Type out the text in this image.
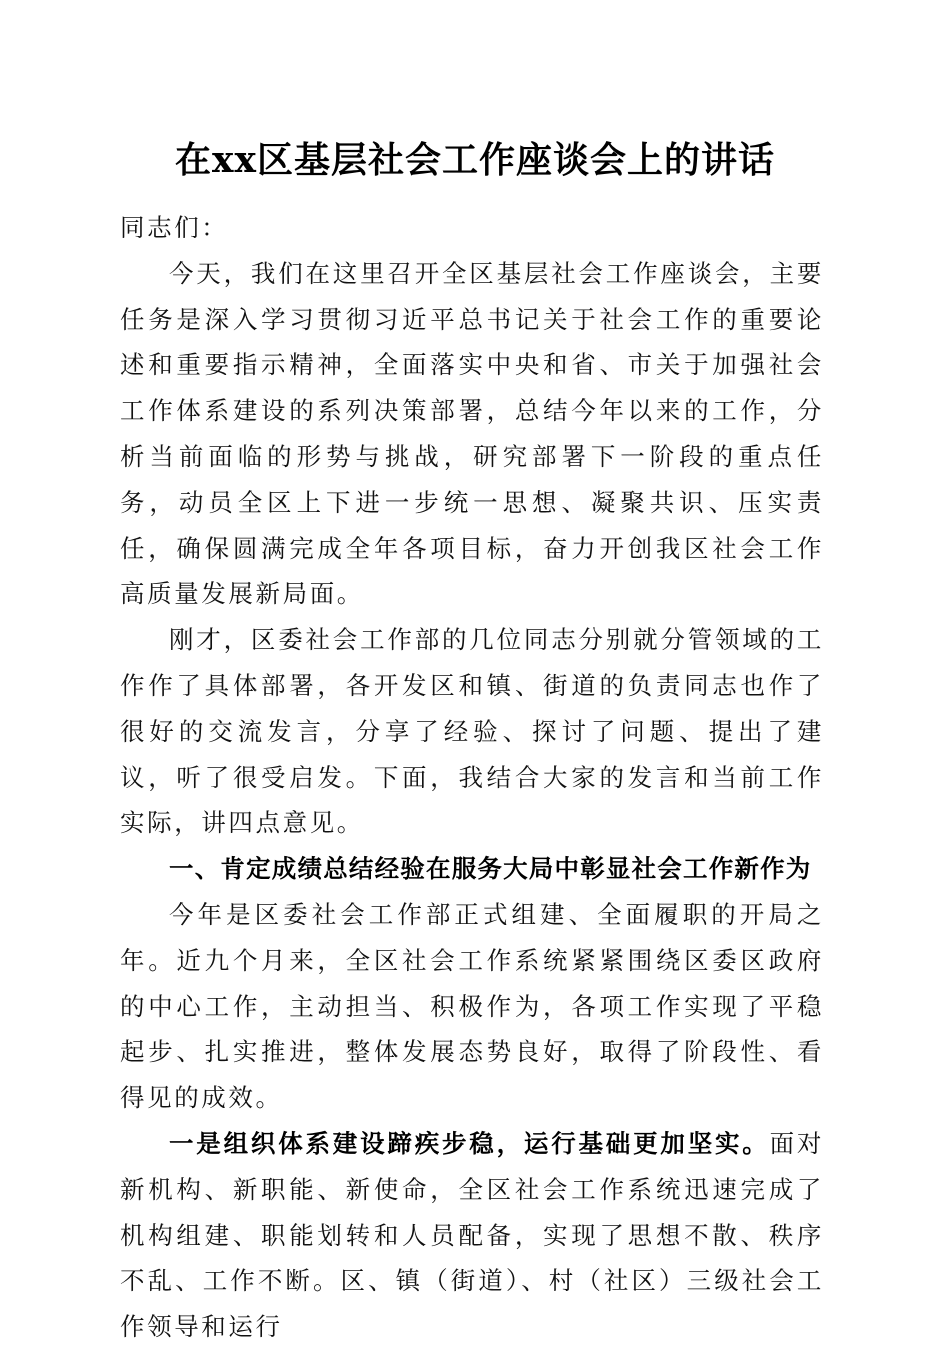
在xx区基层社会工作座谈会上的讲话

同志们：

今天，我们在这里召开全区基层社会工作座谈会，主要任务是深入学习贯彻习近平总书记关于社会工作的重要论述和重要指示精神，全面落实中央和省、市关于加强社会工作体系建设的系列决策部署，总结今年以来的工作，分析当前面临的形势与挑战，研究部署下一阶段的重点任务，动员全区上下进一步统一思想、凝聚共识、压实责任，确保圆满完成全年各项目标，奋力开创我区社会工作高质量发展新局面。

刚才，区委社会工作部的几位同志分别就分管领域的工作作了具体部署，各开发区和镇、街道的负责同志也作了很好的交流发言，分享了经验、探讨了问题、提出了建议，听了很受启发。下面，我结合大家的发言和当前工作实际，讲四点意见。

一、肯定成绩总结经验在服务大局中彰显社会工作新作为

今年是区委社会工作部正式组建、全面履职的开局之年。近九个月来，全区社会工作系统紧紧围绕区委区政府的中心工作，主动担当、积极作为，各项工作实现了平稳起步、扎实推进，整体发展态势良好，取得了阶段性、看得见的成效。

一是组织体系建设蹄疾步稳，运行基础更加坚实。面对新机构、新职能、新使命，全区社会工作系统迅速完成了机构组建、职能划转和人员配备，实现了思想不散、秩序不乱、工作不断。区、镇（街道）、村（社区）三级社会工作领导和运行
